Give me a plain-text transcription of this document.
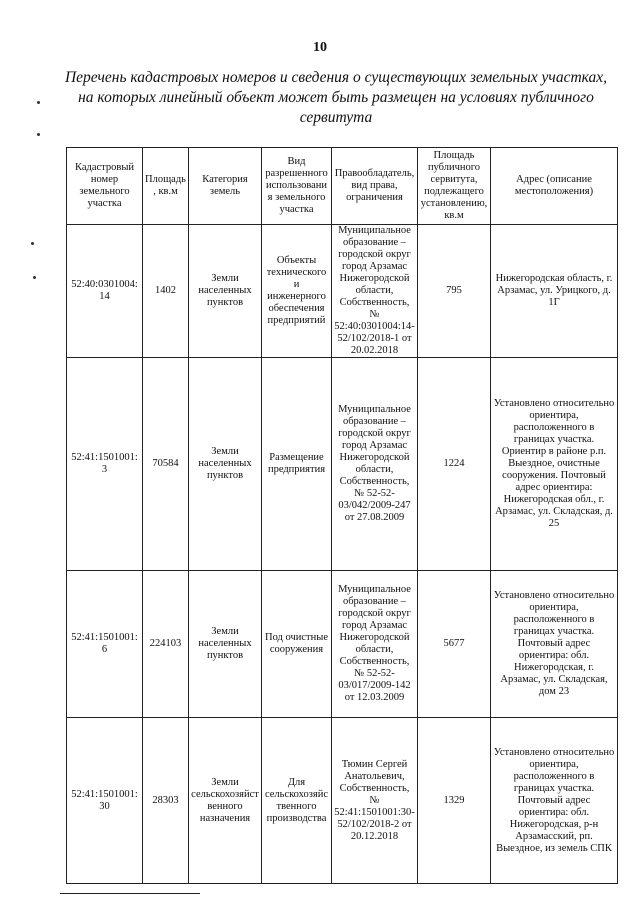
10
Перечень кадастровых номеров и сведения о существующих земельных участках, на которых линейный объект может быть размещен на условиях публичного сервитута
Кадастровый номер земельного участка	Площадь, кв.м	Категория земель	Вид разрешенного использования земельного участка	Правообладатель, вид права, ограничения	Площадь публичного сервитута, подлежащего установлению, кв.м	Адрес (описание местоположения)
52:40:0301004:14	1402	Земли населенных пунктов	Объекты технического и инженерного обеспечения предприятий	Муниципальное образование – городской округ город Арзамас Нижегородской области, Собственность, № 52:40:0301004:14-52/102/2018-1 от 20.02.2018	795	Нижегородская область, г. Арзамас, ул. Урицкого, д. 1Г
52:41:1501001:3	70584	Земли населенных пунктов	Размещение предприятия	Муниципальное образование – городской округ город Арзамас Нижегородской области, Собственность, № 52-52-03/042/2009-247 от 27.08.2009	1224	Установлено относительно ориентира, расположенного в границах участка. Ориентир в районе р.п. Выездное, очистные сооружения. Почтовый адрес ориентира: Нижегородская обл., г. Арзамас, ул. Складская, д. 25
52:41:1501001:6	224103	Земли населенных пунктов	Под очистные сооружения	Муниципальное образование – городской округ город Арзамас Нижегородской области, Собственность, № 52-52-03/017/2009-142 от 12.03.2009	5677	Установлено относительно ориентира, расположенного в границах участка. Почтовый адрес ориентира: обл. Нижегородская, г. Арзамас, ул. Складская, дом 23
52:41:1501001:30	28303	Земли сельскохозяйственного назначения	Для сельскохозяйственного производства	Тюмин Сергей Анатольевич, Собственность, № 52:41:1501001:30-52/102/2018-2 от 20.12.2018	1329	Установлено относительно ориентира, расположенного в границах участка. Почтовый адрес ориентира: обл. Нижегородская, р-н Арзамасский, рп. Выездное, из земель СПК
